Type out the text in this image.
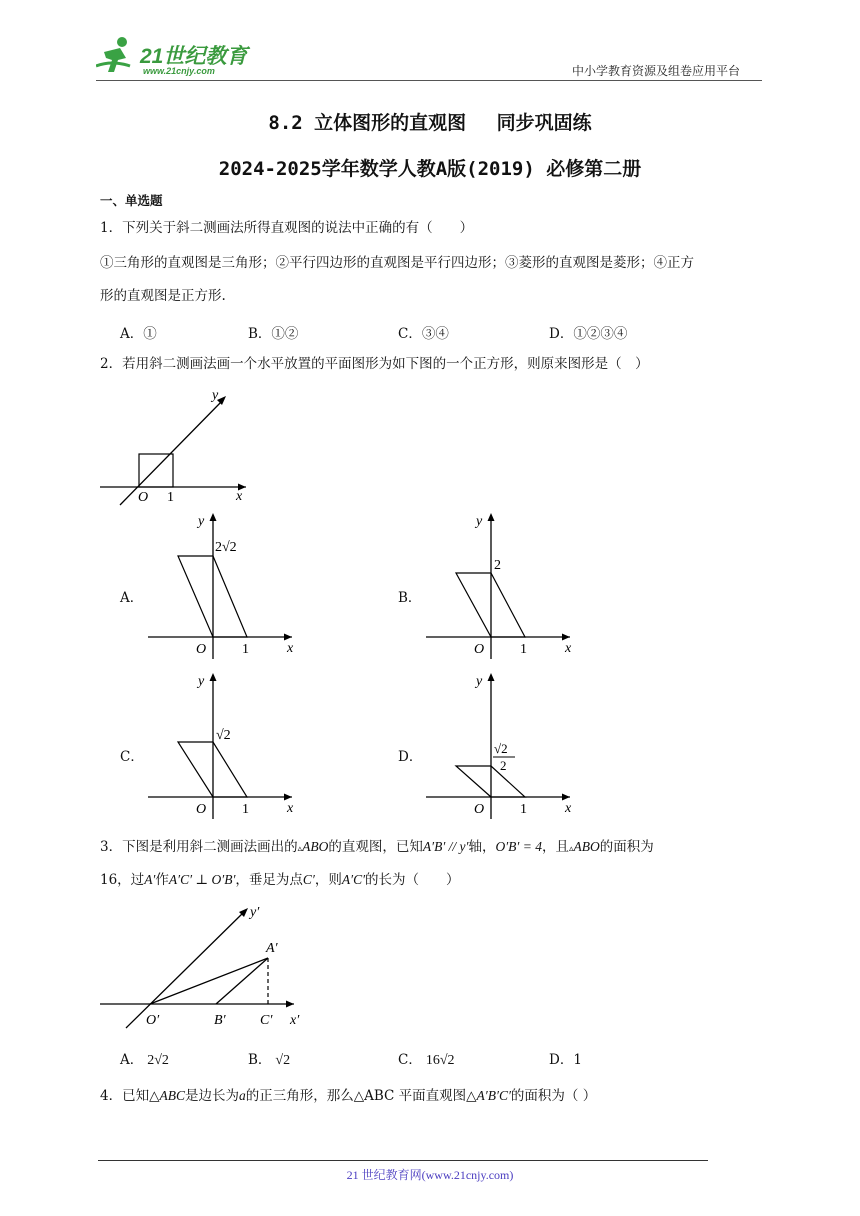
21世纪教育
www.21cnjy.com	中小学教育资源及组卷应用平台
8.2 立体图形的直观图　 同步巩固练
2024-2025学年数学人教A版(2019) 必修第二册
一、单选题
1．下列关于斜二测画法所得直观图的说法中正确的有（　　）
①三角形的直观图是三角形；②平行四边形的直观图是平行四边形；③菱形的直观图是菱形；④正方
形的直观图是正方形.
A．①	B．①②	C．③④	D．①②③④
2．若用斜二测画法画一个水平放置的平面图形为如下图的一个正方形，则原来图形是（　）
O 1	x
y
A．
2√2
O	1	x
y
B．
2
O	1	x
y
C．
√2
O	1	x
y
D．
√2
2
O	1	x
y
3．下图是利用斜二测画法画出的▵ABO的直观图，已知A′B′ // y′轴，O′B′ = 4，且▵ABO的面积为
16，过A′作A′C′ ⊥ O′B′，垂足为点C′，则A′C′的长为（　　）
O′	B′ C′ x′
A′
y′
A． 2√2	B． √2	C． 16√2	D．1
4．已知△ABC是边长为a的正三角形，那么△ABC 平面直观图△A′B′C′的面积为（ ）
21 世纪教育网(www.21cnjy.com)
